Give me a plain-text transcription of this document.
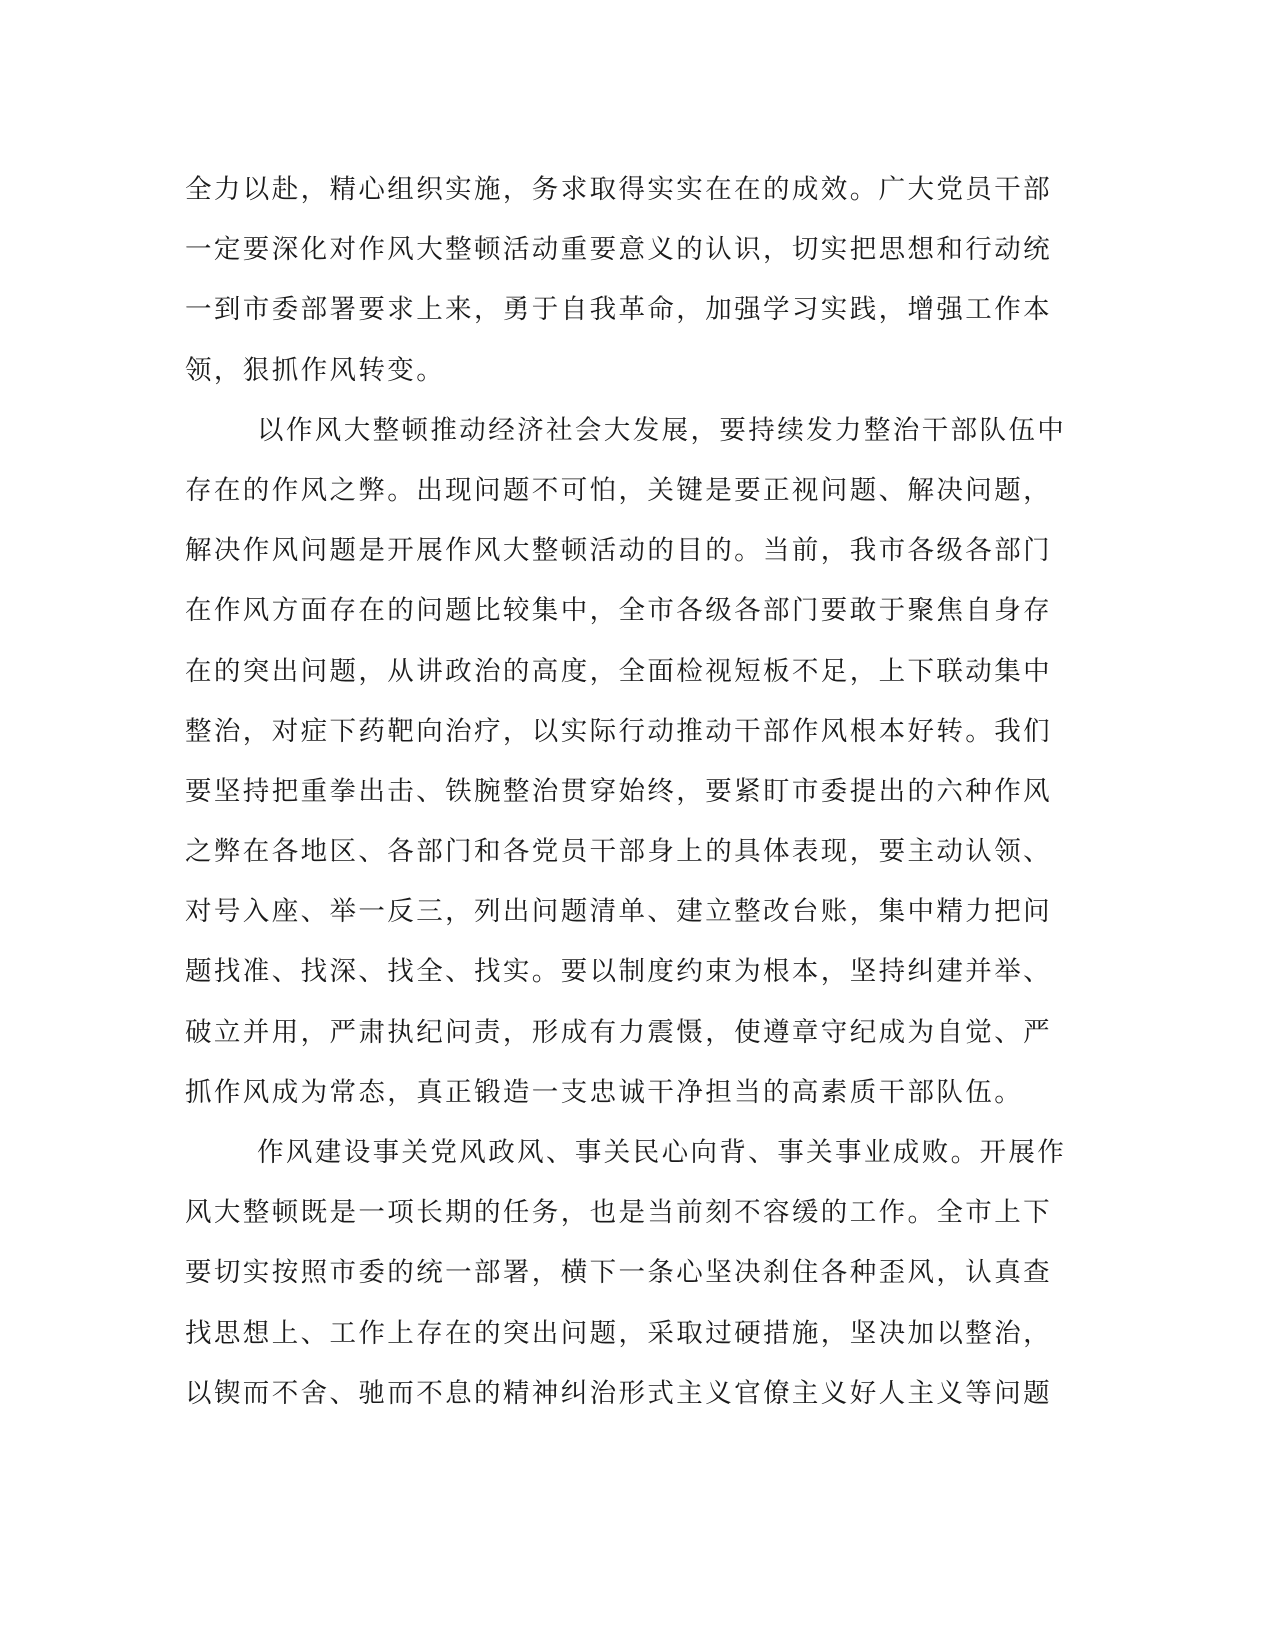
全力以赴，精心组织实施，务求取得实实在在的成效。广大党员干部
一定要深化对作风大整顿活动重要意义的认识，切实把思想和行动统
一到市委部署要求上来，勇于自我革命，加强学习实践，增强工作本
领，狠抓作风转变。
以作风大整顿推动经济社会大发展，要持续发力整治干部队伍中
存在的作风之弊。出现问题不可怕，关键是要正视问题、解决问题，
解决作风问题是开展作风大整顿活动的目的。当前，我市各级各部门
在作风方面存在的问题比较集中，全市各级各部门要敢于聚焦自身存
在的突出问题，从讲政治的高度，全面检视短板不足，上下联动集中
整治，对症下药靶向治疗，以实际行动推动干部作风根本好转。我们
要坚持把重拳出击、铁腕整治贯穿始终，要紧盯市委提出的六种作风
之弊在各地区、各部门和各党员干部身上的具体表现，要主动认领、
对号入座、举一反三，列出问题清单、建立整改台账，集中精力把问
题找准、找深、找全、找实。要以制度约束为根本，坚持纠建并举、
破立并用，严肃执纪问责，形成有力震慑，使遵章守纪成为自觉、严
抓作风成为常态，真正锻造一支忠诚干净担当的高素质干部队伍。
作风建设事关党风政风、事关民心向背、事关事业成败。开展作
风大整顿既是一项长期的任务，也是当前刻不容缓的工作。全市上下
要切实按照市委的统一部署，横下一条心坚决刹住各种歪风，认真查
找思想上、工作上存在的突出问题，采取过硬措施，坚决加以整治，
以锲而不舍、驰而不息的精神纠治形式主义官僚主义好人主义等问题
